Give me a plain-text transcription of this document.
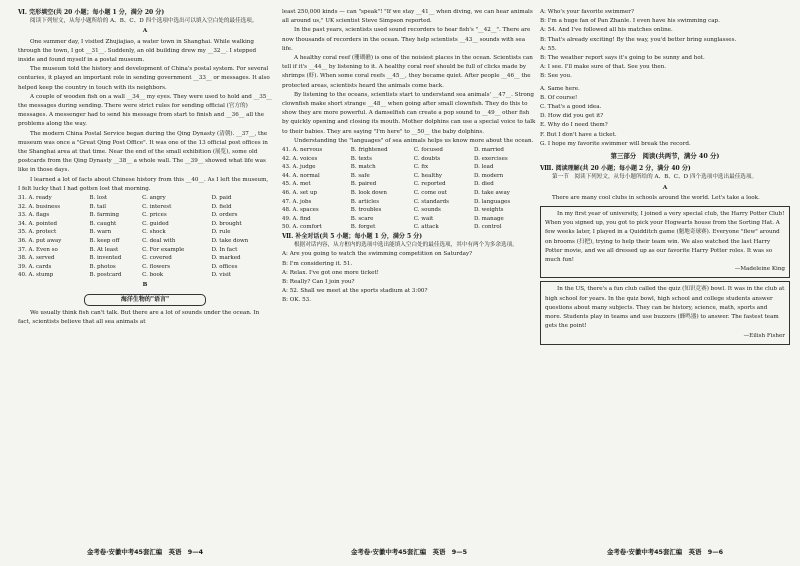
Ⅵ. 完形填空(共 20 小题；每小题 1 分，满分 20 分)

阅读下列短文，从每小题所给的 A、B、C、D 四个选项中选出可以填入空白处的最佳选项。

A

One summer day, I visited Zhujiajiao, a water town in Shanghai. While walking through the town, I got __31__. Suddenly, an old building drew my __32__. I stepped inside and found myself in a postal museum.

The museum told the history and development of China's postal system. For several centuries, it played an important role in sending government __33__ or messages. It also helped keep the country in touch with its neighbors.

A couple of wooden fish on a wall __34__ my eyes. They were used to hold and __35__ the messages during sending. There were strict rules for sending official (官方的) messages. A messenger had to send his message from start to finish and __36__ all the problems along the way.

The modern China Postal Service began during the Qing Dynasty (清朝). __37__, the museum was once a "Great Qing Post Office". It was one of the 13 official post offices in the Shanghai area at that time. Near the end of the small exhibition (展览), some old postcards from the Qing Dynasty __38__ a whole wall. The __39__ showed what life was like in those days.

I learned a lot of facts about Chinese history from this __40__. As I left the museum, I felt lucky that I had gotten lost that morning.

31. A. ready	B. lost	C. angry	D. paid
32. A. business	B. tail	C. interest	D. field
33. A. flags	B. farming	C. prices	D. orders
34. A. pointed	B. caught	C. guided	D. brought
35. A. protect	B. warn	C. shock	D. rule
36. A. put away	B. keep off	C. deal with	D. take down
37. A. Even so	B. At least	C. For example	D. In fact
38. A. served	B. invented	C. covered	D. marked
39. A. cards	B. photos	C. flowers	D. offices
40. A. stump	B. postcard	C. book	D. visit
B
海洋生物的"语言"

We usually think fish can't talk. But there are a lot of sounds under the ocean. In fact, scientists believe that all sea animals at

least 250,000 kinds — can "speak"! "If we stay __41__ when diving, we can hear animals all around us," UK scientist Steve Simpson reported.

In the past years, scientists used sound recorders to hear fish's "__42__". There are now thousands of recorders in the ocean. They help scientists __43__ sounds with sea life.

A healthy coral reef (珊瑚礁) is one of the noisiest places in the ocean. Scientists can tell if it's __44__ by listening to it. A healthy coral reef should be full of clicks made by shrimps (虾). When some coral reefs __45__, they became quiet. After people __46__ the protected areas, scientists heard the animals come back.

By listening to the oceans, scientists start to understand sea animals' __47__. Strong clownfish make short strange __48__ when going after small clownfish. They do this to show they are more powerful. A damselfish can create a pop sound to __49__ other fish by quickly opening and closing its mouth. Mother dolphins can use a special voice to talk to their babies. They are saying "I'm here" to __50__ the baby dolphins.

Understanding the "languages" of sea animals helps us know more about the ocean.

41. A. nervous	B. frightened	C. focused	D. married
42. A. voices	B. texts	C. doubts	D. exercises
43. A. judge	B. match	C. fix	D. lead
44. A. normal	B. safe	C. healthy	D. modern
45. A. met	B. paired	C. reported	D. died
46. A. set up	B. look down	C. come out	D. take away
47. A. jobs	B. articles	C. standards	D. languages
48. A. spaces	B. troubles	C. sounds	D. weights
49. A. find	B. scare	C. wait	D. manage
50. A. comfort	B. forget	C. attack	D. control
Ⅶ. 补全对话(共 5 小题；每小题 1 分，满分 5 分)

根据对话内容，从方框内的选项中选出能填入空白处的最佳选项，其中有两个为多余选项。

A: Are you going to watch the swimming competition on Saturday?

B: I'm considering it. 51.

A: Relax. I've got one more ticket!

B: Really? Can I join you?

A: 52. Shall we meet at the sports stadium at 3:00?

B: OK. 53.

A: Who's your favorite swimmer?

B: I'm a huge fan of Pan Zhanle. I even have his swimming cap.

A: 54. And I've followed all his matches online.

B: That's already exciting! By the way, you'd better bring sunglasses.

A: 55.

B: The weather report says it's going to be sunny and hot.

A: I see. I'll make sure of that. See you then.

B: See you.

A. Same here.

B. Of course!

C. That's a good idea.

D. How did you get it?

E. Why do I need them?

F. But I don't have a ticket.

G. I hope my favorite swimmer will break the record.

第三部分　阅读(共两节，满分 40 分)
Ⅷ. 阅读理解(共 20 小题；每小题 2 分，满分 40 分)

第一节　阅读下列短文，从每小题所给的 A、B、C、D 四个选项中选出最佳选项。

A

There are many cool clubs in schools around the world. Let's take a look.

In my first year of university, I joined a very special club, the Harry Potter Club! When you signed up, you got to pick your Hogwarts house from the Sorting Hat. A few weeks later, I played in a Quidditch game (魁地奇球赛). Everyone "flew" around on brooms (扫把), trying to help their team win. We also watched the last Harry Potter movie, and we all dressed up as our favorite Harry Potter roles. It was so much fun!

—Madeleine King

In the US, there's a fun club called the quiz (知识竞赛) bowl. It was in the club at high school for years. In the quiz bowl, high school and college students answer questions about many subjects. They can be history, science, math, sports and more. Students play in teams and use buzzers (蜂鸣器) to answer. The fastest team gets the point!

—Eilish Fisher
金考卷·安徽中考45套汇编　英语　9—4	金考卷·安徽中考45套汇编　英语　9—5	金考卷·安徽中考45套汇编　英语　9—6
